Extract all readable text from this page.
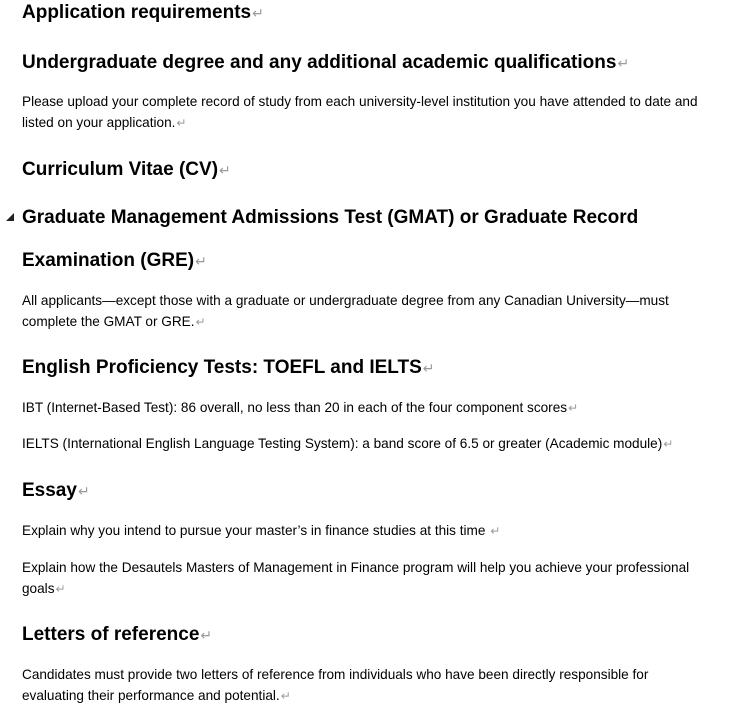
Application requirements↵
Undergraduate degree and any additional academic qualifications↵
Please upload your complete record of study from each university-level institution you have attended to date and
listed on your application.↵
Curriculum Vitae (CV)↵
Graduate Management Admissions Test (GMAT) or Graduate Record
Examination (GRE)↵
All applicants—except those with a graduate or undergraduate degree from any Canadian University—must
complete the GMAT or GRE.↵
English Proficiency Tests: TOEFL and IELTS↵
IBT (Internet-Based Test): 86 overall, no less than 20 in each of the four component scores↵
IELTS (International English Language Testing System): a band score of 6.5 or greater (Academic module)↵
Essay↵
Explain why you intend to pursue your master’s in finance studies at this time ↵
Explain how the Desautels Masters of Management in Finance program will help you achieve your professional
goals↵
Letters of reference↵
Candidates must provide two letters of reference from individuals who have been directly responsible for
evaluating their performance and potential.↵
